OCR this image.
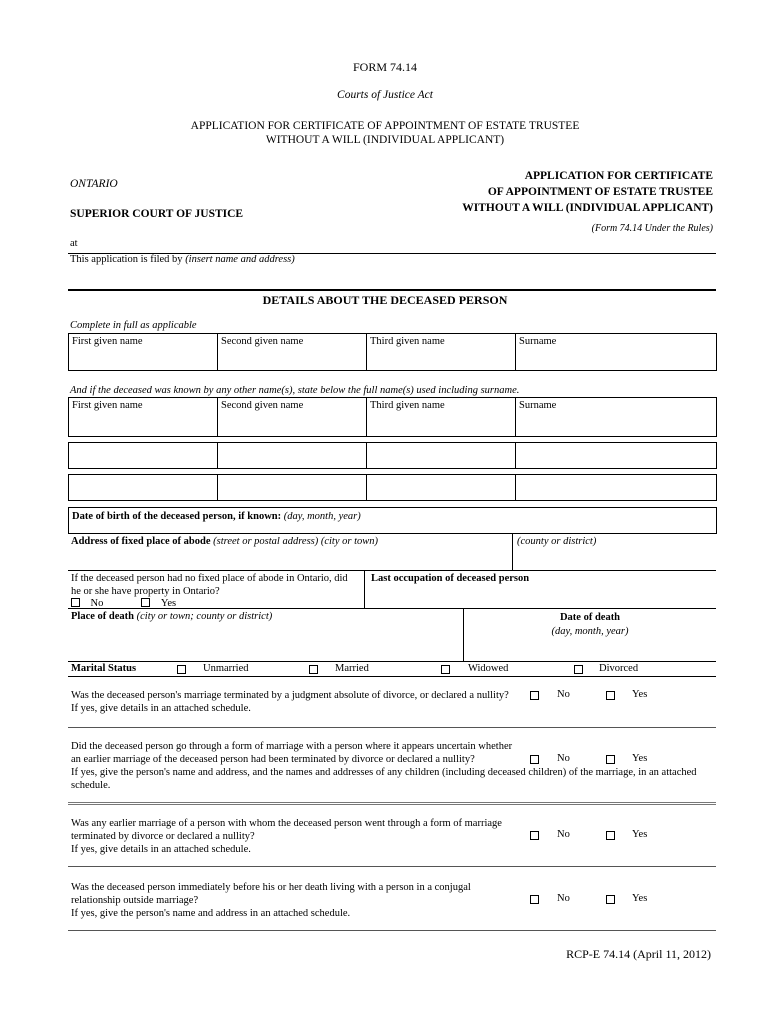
FORM 74.14
Courts of Justice Act
APPLICATION FOR CERTIFICATE OF APPOINTMENT OF ESTATE TRUSTEE
WITHOUT A WILL (INDIVIDUAL APPLICANT)
ONTARIO
SUPERIOR COURT OF JUSTICE
APPLICATION FOR CERTIFICATE
OF APPOINTMENT OF ESTATE TRUSTEE
WITHOUT A WILL (INDIVIDUAL APPLICANT)
(Form 74.14 Under the Rules)
at
This application is filed by (insert name and address)
DETAILS ABOUT THE DECEASED PERSON
Complete in full as applicable
First given name	Second given name	Third given name	Surname
And if the deceased was known by any other name(s), state below the full name(s) used including surname.
First given name	Second given name	Third given name	Surname
Date of birth of the deceased person, if known: (day, month, year)
Address of fixed place of abode (street or postal address) (city or town)	(county or district)
If the deceased person had no fixed place of abode in Ontario, did
he or she have property in Ontario?
No	Yes
Last occupation of deceased person
Place of death (city or town; county or district)	Date of death
(day, month, year)
Marital Status	Unmarried	Married	Widowed	Divorced
Was the deceased person's marriage terminated by a judgment absolute of divorce, or declared a nullity?
If yes, give details in an attached schedule.
No	Yes
Did the deceased person go through a form of marriage with a person where it appears uncertain whether
an earlier marriage of the deceased person had been terminated by divorce or declared a nullity?
If yes, give the person's name and address, and the names and addresses of any children (including deceased children) of the marriage, in an attached
schedule.
No	Yes
Was any earlier marriage of a person with whom the deceased person went through a form of marriage
terminated by divorce or declared a nullity?
If yes, give details in an attached schedule.
No	Yes
Was the deceased person immediately before his or her death living with a person in a conjugal
relationship outside marriage?
If yes, give the person's name and address in an attached schedule.
No	Yes
RCP-E 74.14 (April 11, 2012)
